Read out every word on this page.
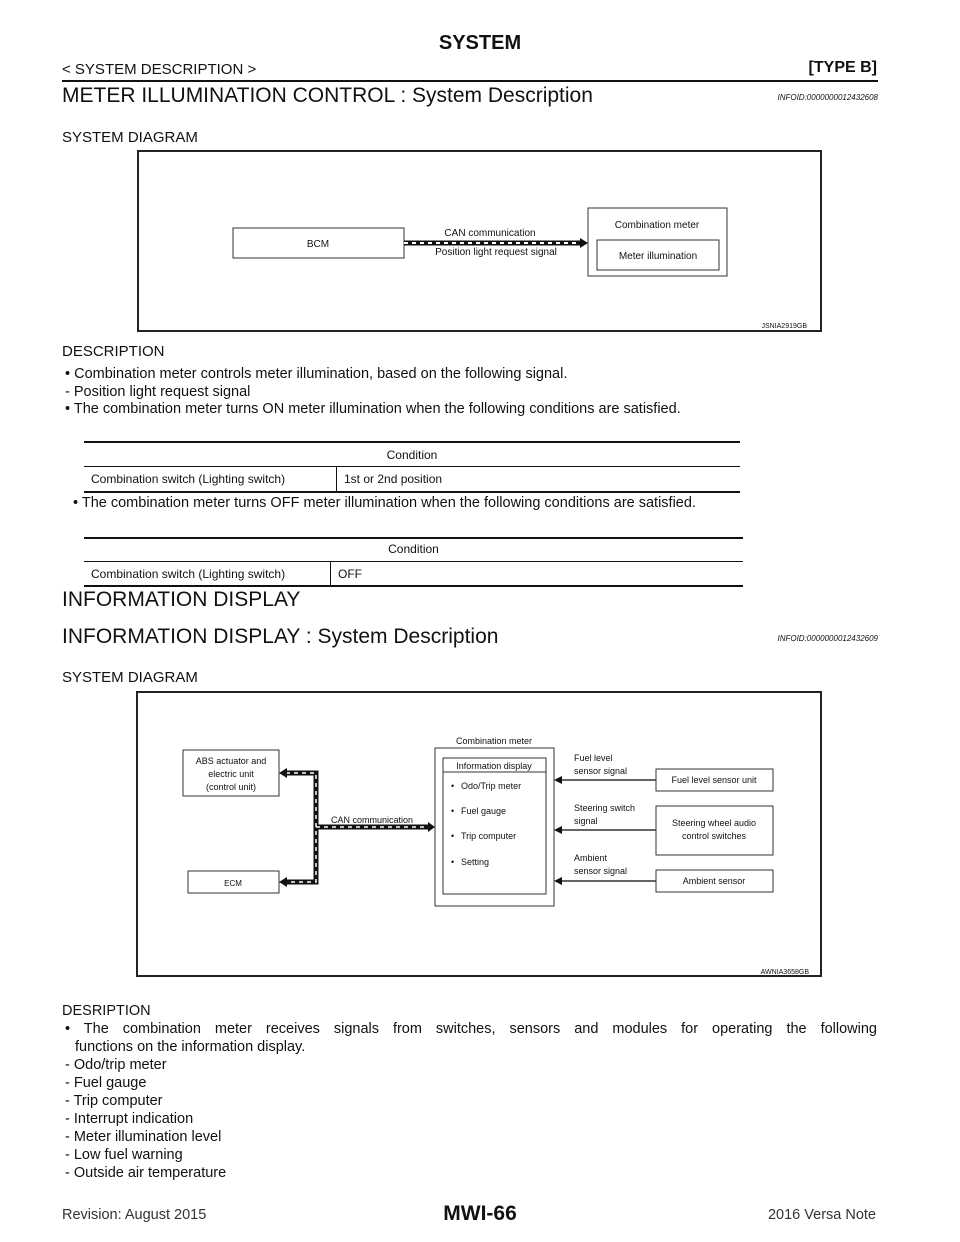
SYSTEM
< SYSTEM DESCRIPTION >	[TYPE B]
METER ILLUMINATION CONTROL : System Description	INFOID:0000000012432608
SYSTEM DIAGRAM
BCM
CAN communication
Position light request signal
Combination meter
Meter illumination
JSNIA2919GB
DESCRIPTION
• Combination meter controls meter illumination, based on the following signal.
- Position light request signal
• The combination meter turns ON meter illumination when the following conditions are satisfied.
Condition
Combination switch (Lighting switch)	1st or 2nd position
• The combination meter turns OFF meter illumination when the following conditions are satisfied.
Condition
Combination switch (Lighting switch)	OFF
INFORMATION DISPLAY
INFORMATION DISPLAY : System Description	INFOID:0000000012432609
SYSTEM DIAGRAM
ABS actuator and
electric unit
(control unit)
ECM
CAN communication
Combination meter
Information display
• Odo/Trip meter
• Fuel gauge
• Trip computer
• Setting
Fuel level
sensor signal
Steering switch
signal
Ambient
sensor signal
Fuel level sensor unit
Steering wheel audio
control switches
Ambient sensor
AWNIA3658GB
DESRIPTION
• The combination meter receives signals from switches, sensors and modules for operating the following
functions on the information display.
- Odo/trip meter
- Fuel gauge
- Trip computer
- Interrupt indication
- Meter illumination level
- Low fuel warning
- Outside air temperature
Revision: August 2015	MWI-66	2016 Versa Note
